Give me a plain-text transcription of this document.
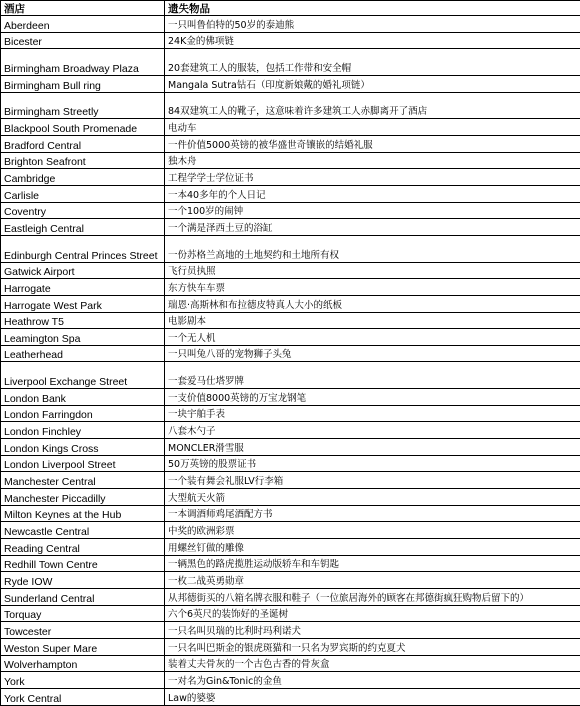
酒店	遗失物品
Aberdeen	一只叫鲁伯特的50岁的泰迪熊
Bicester	24K金的佛项链
Birmingham Broadway Plaza	20套建筑工人的服装，包括工作带和安全帽
Birmingham Bull ring	Mangala Sutra钻石（印度新娘戴的婚礼项链）
Birmingham Streetly	84双建筑工人的靴子，这意味着许多建筑工人赤脚离开了酒店
Blackpool South Promenade	电动车
Bradford Central	一件价值5000英镑的被华盛世奇镶嵌的结婚礼服
Brighton Seafront	独木舟
Cambridge	工程学学士学位证书
Carlisle	一本40多年的个人日记
Coventry	一个100岁的闹钟
Eastleigh Central	一个满是泽西土豆的浴缸
Edinburgh Central Princes Street	一份苏格兰高地的土地契约和土地所有权
Gatwick Airport	飞行员执照
Harrogate	东方快车车票
Harrogate West Park	瑞恩·高斯林和布拉德皮特真人大小的纸板
Heathrow T5	电影剧本
Leamington Spa	一个无人机
Leatherhead	一只叫兔八哥的宠物狮子头兔
Liverpool Exchange Street	一套爱马仕塔罗牌
London Bank	一支价值8000英镑的万宝龙钢笔
London Farringdon	一块宇舶手表
London Finchley	八套木勺子
London Kings Cross	MONCLER滑雪服
London Liverpool Street	50万英镑的股票证书
Manchester Central	一个装有舞会礼服LV行李箱
Manchester Piccadilly	大型航天火箭
Milton Keynes at the Hub	一本调酒师鸡尾酒配方书
Newcastle Central	中奖的欧洲彩票
Reading Central	用螺丝钉做的雕像
Redhill Town Centre	一辆黑色的路虎揽胜运动版轿车和车钥匙
Ryde IOW	一枚二战英勇勋章
Sunderland Central	从邦德街买的八箱名牌衣服和鞋子（一位旅居海外的顾客在邦德街疯狂购物后留下的）
Torquay	六个6英尺的装饰好的圣诞树
Towcester	一只名叫贝瑞的比利时玛利诺犬
Weston Super Mare	一只名叫巴斯金的银虎斑猫和一只名为罗宾斯的约克夏犬
Wolverhampton	装着丈夫骨灰的一个古色古香的骨灰盒
York	一对名为Gin&Tonic的金鱼
York Central	Law的婆婆
